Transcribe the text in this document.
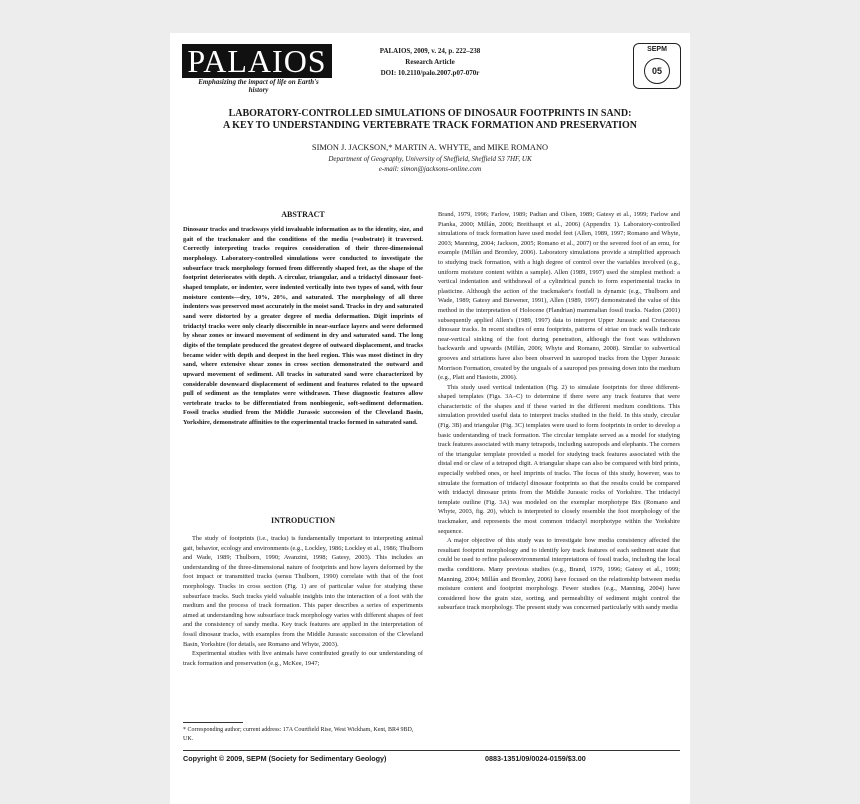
PALAIOS
Emphasizing the impact of life on Earth's history
PALAIOS, 2009, v. 24, p. 222–238
Research Article
DOI: 10.2110/palo.2007.p07-070r
SEPM
05
LABORATORY-CONTROLLED SIMULATIONS OF DINOSAUR FOOTPRINTS IN SAND:
A KEY TO UNDERSTANDING VERTEBRATE TRACK FORMATION AND PRESERVATION
SIMON J. JACKSON,* MARTIN A. WHYTE, and MIKE ROMANO
Department of Geography, University of Sheffield, Sheffield S3 7HF, UK
e-mail: simon@jacksons-online.com
ABSTRACT

Dinosaur tracks and trackways yield invaluable information as to the identity, size, and gait of the trackmaker and the conditions of the media (=substrate) it traversed. Correctly interpreting tracks requires consideration of their three-dimensional morphology. Laboratory-controlled simulations were conducted to investigate the subsurface track morphology formed from differently shaped feet, as the shape of the footprint deteriorates with depth. A circular, triangular, and a tridactyl dinosaur foot-shaped template, or indenter, were indented vertically into two types of sand, with four moisture contents—dry, 10%, 20%, and saturated. The morphology of all three indenters was preserved most accurately in the moist sand. Tracks in dry and saturated sand were distorted by a greater degree of media deformation. Digit imprints of tridactyl tracks were only clearly discernible in near-surface layers and were deformed by shear zones or inward movement of sediment in dry and saturated sand. The long digits of the template produced the greatest degree of outward displacement, and tracks became wider with depth and deepest in the heel region. This was most distinct in dry sand, where extensive shear zones in cross section demonstrated the outward and upward movement of sediment. All tracks in saturated sand were characterized by considerable downward displacement of sediment and features related to the upward pull of sediment as the templates were withdrawn. These diagnostic features allow vertebrate tracks to be differentiated from nonbiogenic, soft-sediment deformation. Fossil tracks studied from the Middle Jurassic succession of the Cleveland Basin, Yorkshire, demonstrate affinities to the experimental tracks formed in saturated sand.

INTRODUCTION

The study of footprints (i.e., tracks) is fundamentally important to interpreting animal gait, behavior, ecology and environments (e.g., Lockley, 1986; Lockley et al., 1986; Thulborn and Wade, 1989; Thulborn, 1990; Avanzini, 1998; Gatesy, 2003). This includes an understanding of the three-dimensional nature of footprints and how layers deformed by the foot impact or transmitted tracks (sensu Thulborn, 1990) correlate with that of the foot morphology. Tracks in cross section (Fig. 1) are of particular value for studying these subsurface tracks. Such tracks yield valuable insights into the interaction of a foot with the medium and the process of track formation. This paper describes a series of experiments aimed at understanding how subsurface track morphology varies with different shapes of feet and the consistency of sandy media. Key track features are applied in the interpretation of fossil dinosaur tracks, with examples from the Middle Jurassic succession of the Cleveland Basin, Yorkshire (for details, see Romano and Whyte, 2003).

Experimental studies with live animals have contributed greatly to our understanding of track formation and preservation (e.g., McKee, 1947;

* Corresponding author; current address: 17A Courtfield Rise, West Wickham, Kent, BR4 9BD, UK.

Brand, 1979, 1996; Farlow, 1989; Padian and Olsen, 1989; Gatesy et al., 1999; Farlow and Pianka, 2000; Millán, 2006; Breithaupt et al., 2006) (Appendix 1). Laboratory-controlled simulations of track formation have used model feet (Allen, 1989, 1997; Romano and Whyte, 2003; Manning, 2004; Jackson, 2005; Romano et al., 2007) or the severed foot of an emu, for example (Millán and Bromley, 2006). Laboratory simulations provide a simplified approach to studying track formation, with a high degree of control over the variables involved (e.g., uniform moisture content within a sample). Allen (1989, 1997) used the simplest method: a vertical indentation and withdrawal of a cylindrical punch to form experimental tracks in plasticine. Although the action of the trackmaker's footfall is dynamic (e.g., Thulborn and Wade, 1989; Gatesy and Biewener, 1991), Allen (1989, 1997) demonstrated the value of this method in the interpretation of Holocene (Flandrian) mammalian fossil tracks. Nadon (2001) subsequently applied Allen's (1989, 1997) data to interpret Upper Jurassic and Cretaceous dinosaur tracks. In recent studies of emu footprints, patterns of striae on track walls indicate near-vertical sinking of the foot during penetration, although the foot was withdrawn backwards and upwards (Millán, 2006; Whyte and Romano, 2008). Similar to subvertical grooves and striations have also been observed in sauropod tracks from the Upper Jurassic Morrison Formation, created by the unguals of a sauropod pes pressing down into the medium (e.g., Platt and Hasiotis, 2006).

This study used vertical indentation (Fig. 2) to simulate footprints for three different-shaped templates (Figs. 3A–C) to determine if there were any track features that were characteristic of the shapes and if these varied in the different medium conditions. This simulation provided useful data to interpret tracks studied in the field. In this study, circular (Fig. 3B) and triangular (Fig. 3C) templates were used to form footprints in order to develop a basic understanding of track formation. The circular template served as a model for studying track features associated with many tetrapods, including sauropods and elephants. The corners of the triangular template provided a model for studying track features associated with the distal end or claw of a tetrapod digit. A triangular shape can also be compared with bird prints, especially webbed ones, or heel imprints of tracks. The focus of this study, however, was to simulate the formation of tridactyl dinosaur footprints so that the results could be compared with tridactyl dinosaur prints from the Middle Jurassic rocks of Yorkshire. The tridactyl template outline (Fig. 3A) was modeled on the exemplar morphotype Bix (Romano and Whyte, 2003, fig. 20), which is interpreted to closely resemble the foot morphology of the trackmaker, and represents the most common tridactyl morphotype within the Yorkshire sequence.

A major objective of this study was to investigate how media consistency affected the resultant footprint morphology and to identify key track features of each sediment state that could be used to refine paleoenvironmental interpretations of fossil tracks, including the local media conditions. Many previous studies (e.g., Brand, 1979, 1996; Gatesy et al., 1999; Manning, 2004; Millán and Bromley, 2006) have focused on the relationship between media moisture content and footprint morphology. Fewer studies (e.g., Manning, 2004) have considered how the grain size, sorting, and permeability of sediment might control the subsurface track morphology. The present study was concerned particularly with sandy media

Copyright © 2009, SEPM (Society for Sedimentary Geology)	0883-1351/09/0024-0159/$3.00
